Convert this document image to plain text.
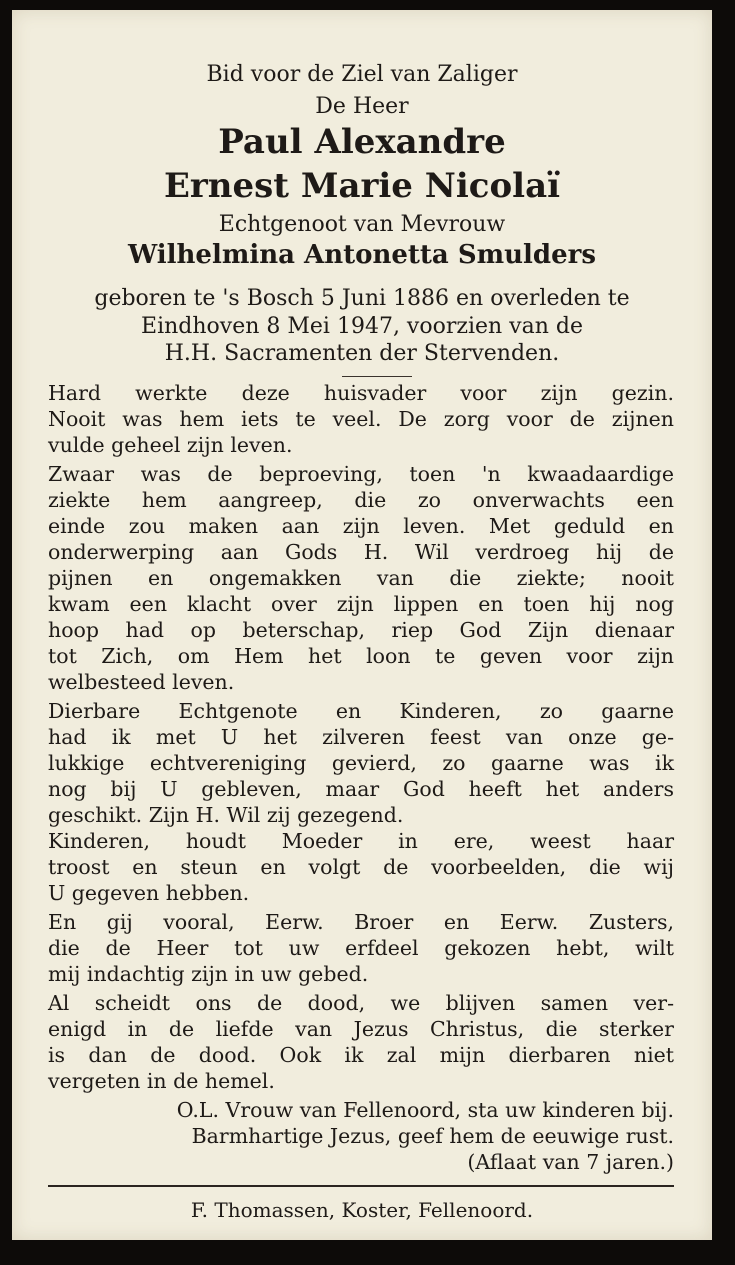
Bid voor de Ziel van Zaliger
De Heer
Paul Alexandre
Ernest Marie Nicolaï
Echtgenoot van Mevrouw
Wilhelmina Antonetta Smulders
geboren te 's Bosch 5 Juni 1886 en overleden te
Eindhoven 8 Mei 1947, voorzien van de
H.H. Sacramenten der Stervenden.
Hard werkte deze huisvader voor zijn gezin.
Nooit was hem iets te veel. De zorg voor de zijnen
vulde geheel zijn leven.
Zwaar was de beproeving, toen 'n kwaadaardige
ziekte hem aangreep, die zo onverwachts een
einde zou maken aan zijn leven. Met geduld en
onderwerping aan Gods H. Wil verdroeg hij de
pijnen en ongemakken van die ziekte; nooit
kwam een klacht over zijn lippen en toen hij nog
hoop had op beterschap, riep God Zijn dienaar
tot Zich, om Hem het loon te geven voor zijn
welbesteed leven.
Dierbare Echtgenote en Kinderen, zo gaarne
had ik met U het zilveren feest van onze ge-
lukkige echtvereniging gevierd, zo gaarne was ik
nog bij U gebleven, maar God heeft het anders
geschikt. Zijn H. Wil zij gezegend.
Kinderen, houdt Moeder in ere, weest haar
troost en steun en volgt de voorbeelden, die wij
U gegeven hebben.
En gij vooral, Eerw. Broer en Eerw. Zusters,
die de Heer tot uw erfdeel gekozen hebt, wilt
mij indachtig zijn in uw gebed.
Al scheidt ons de dood, we blijven samen ver-
enigd in de liefde van Jezus Christus, die sterker
is dan de dood. Ook ik zal mijn dierbaren niet
vergeten in de hemel.
O.L. Vrouw van Fellenoord, sta uw kinderen bij.
Barmhartige Jezus, geef hem de eeuwige rust.
(Aflaat van 7 jaren.)
F. Thomassen, Koster, Fellenoord.
